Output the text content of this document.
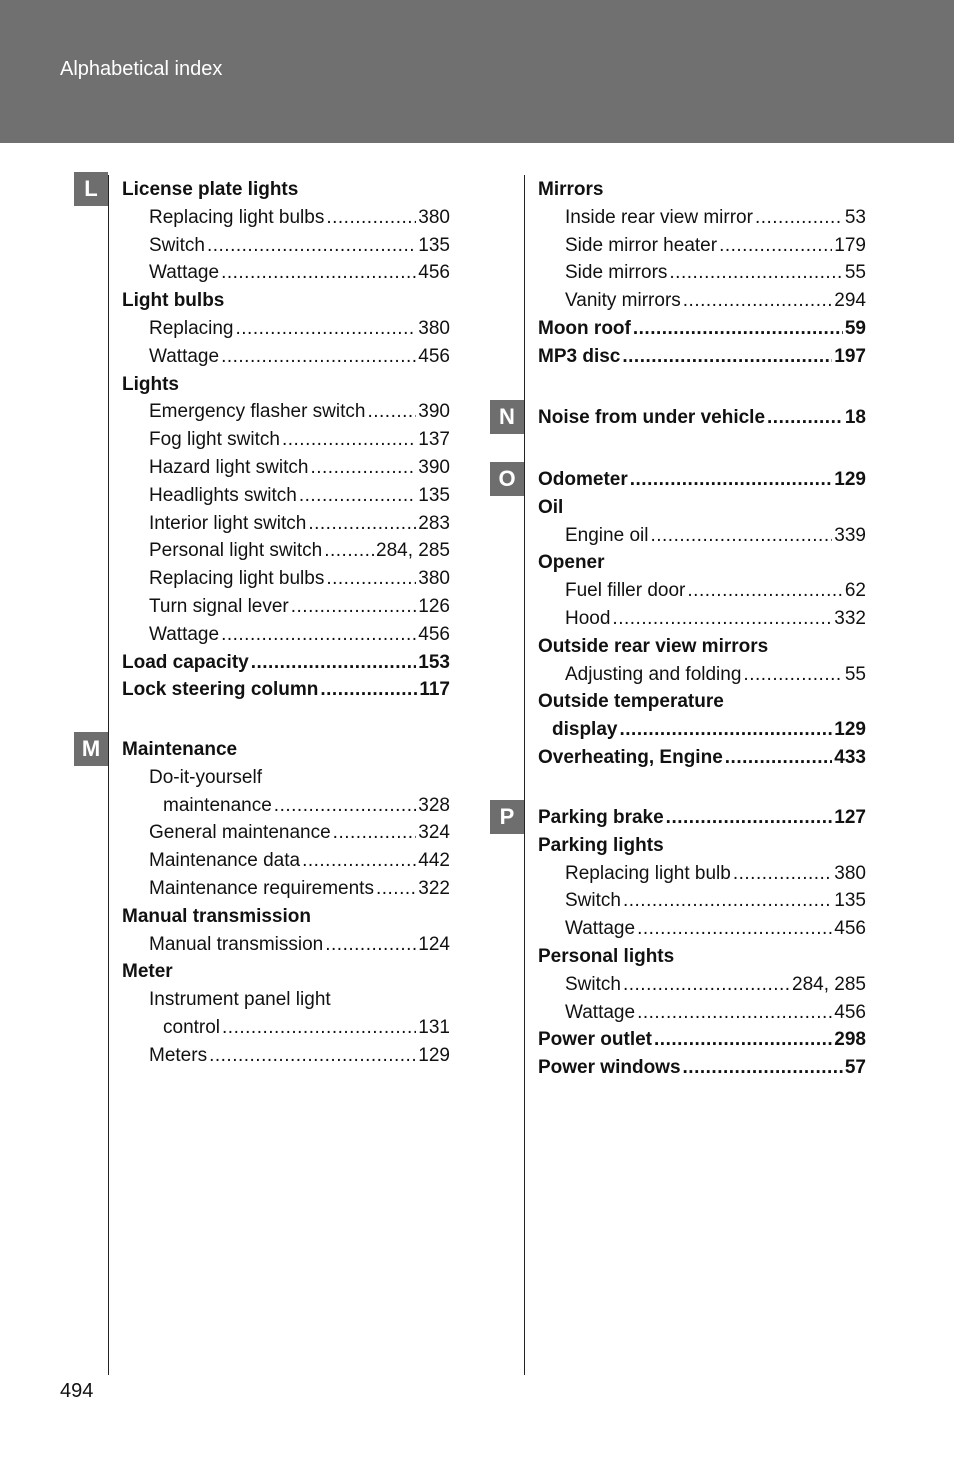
Alphabetical index
L	License plate lights
Replacing light bulbs .....	380
Switch .....	135
Wattage .....	456
Light bulbs
Replacing .....	380
Wattage .....	456
Lights
Emergency flasher switch .....	390
Fog light switch .....	137
Hazard light switch .....	390
Headlights switch .....	135
Interior light switch .....	283
Personal light switch .....	284, 285
Replacing light bulbs .....	380
Turn signal lever .....	126
Wattage .....	456
Load capacity .....	153
Lock steering column .....	117
M	Maintenance
Do-it-yourself
maintenance .....	328
General maintenance .....	324
Maintenance data .....	442
Maintenance requirements ..... 322
Manual transmission
Manual transmission .....	124
Meter
Instrument panel light
control .....	131
Meters .....	129
Mirrors
Inside rear view mirror .....	53
Side mirror heater .....	179
Side mirrors .....	55
Vanity mirrors .....	294
Moon roof .....	59
MP3 disc .....	197
N	Noise from under vehicle .....	18
O	Odometer .....	129
Oil
Engine oil .....	339
Opener
Fuel filler door .....	62
Hood .....	332
Outside rear view mirrors
Adjusting and folding .....	55
Outside temperature
display .....	129
Overheating, Engine .....	433
P	Parking brake .....	127
Parking lights
Replacing light bulb .....	380
Switch .....	135
Wattage .....	456
Personal lights
Switch .....	284, 285
Wattage .....	456
Power outlet .....	298
Power windows .....	57
494
